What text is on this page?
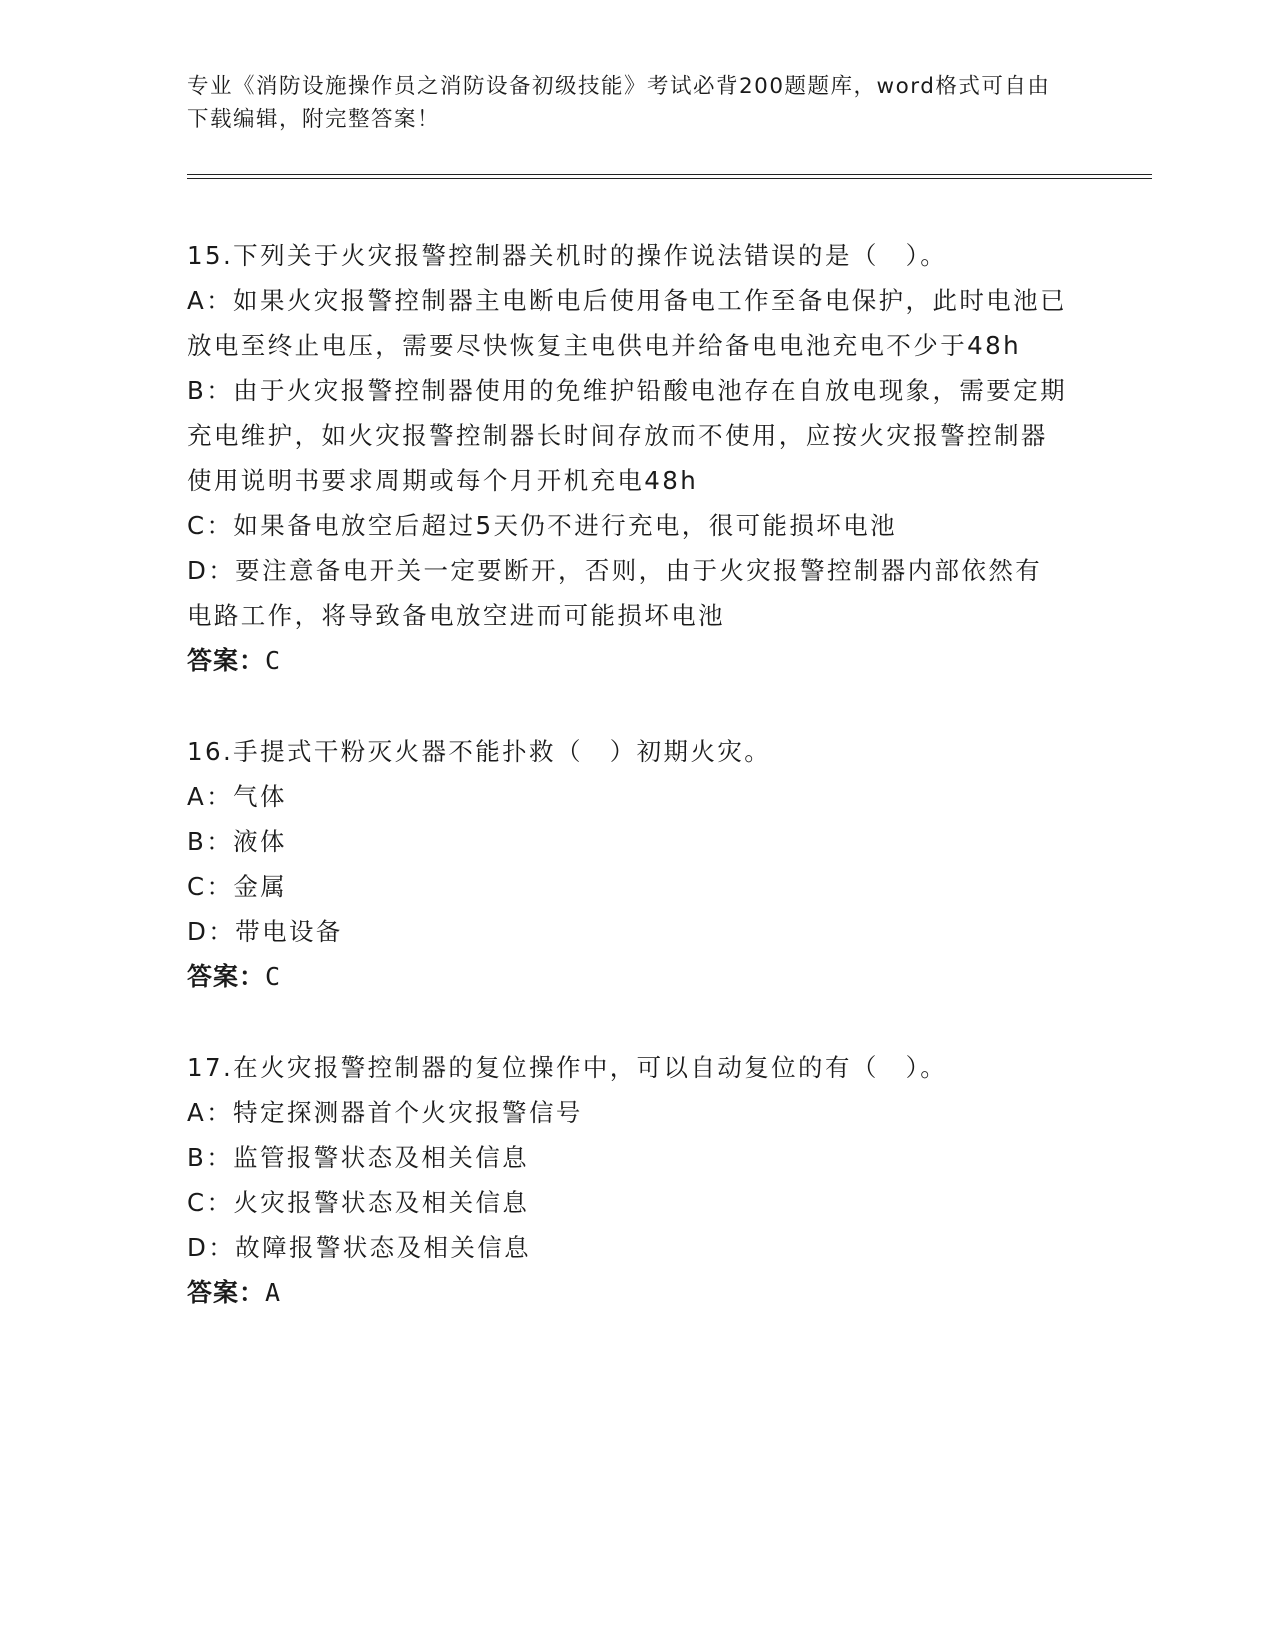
专业《消防设施操作员之消防设备初级技能》考试必背200题题库，word格式可自由下载编辑，附完整答案！

15.下列关于火灾报警控制器关机时的操作说法错误的是（　）。

A：如果火灾报警控制器主电断电后使用备电工作至备电保护，此时电池已放电至终止电压，需要尽快恢复主电供电并给备电电池充电不少于48h

B：由于火灾报警控制器使用的免维护铅酸电池存在自放电现象，需要定期充电维护，如火灾报警控制器长时间存放而不使用，应按火灾报警控制器使用说明书要求周期或每个月开机充电48h

C：如果备电放空后超过5天仍不进行充电，很可能损坏电池

D：要注意备电开关一定要断开，否则，由于火灾报警控制器内部依然有电路工作，将导致备电放空进而可能损坏电池

答案：C

16.手提式干粉灭火器不能扑救（　）初期火灾。

A：气体

B：液体

C：金属

D：带电设备

答案：C

17.在火灾报警控制器的复位操作中，可以自动复位的有（　）。

A：特定探测器首个火灾报警信号

B：监管报警状态及相关信息

C：火灾报警状态及相关信息

D：故障报警状态及相关信息

答案：A
